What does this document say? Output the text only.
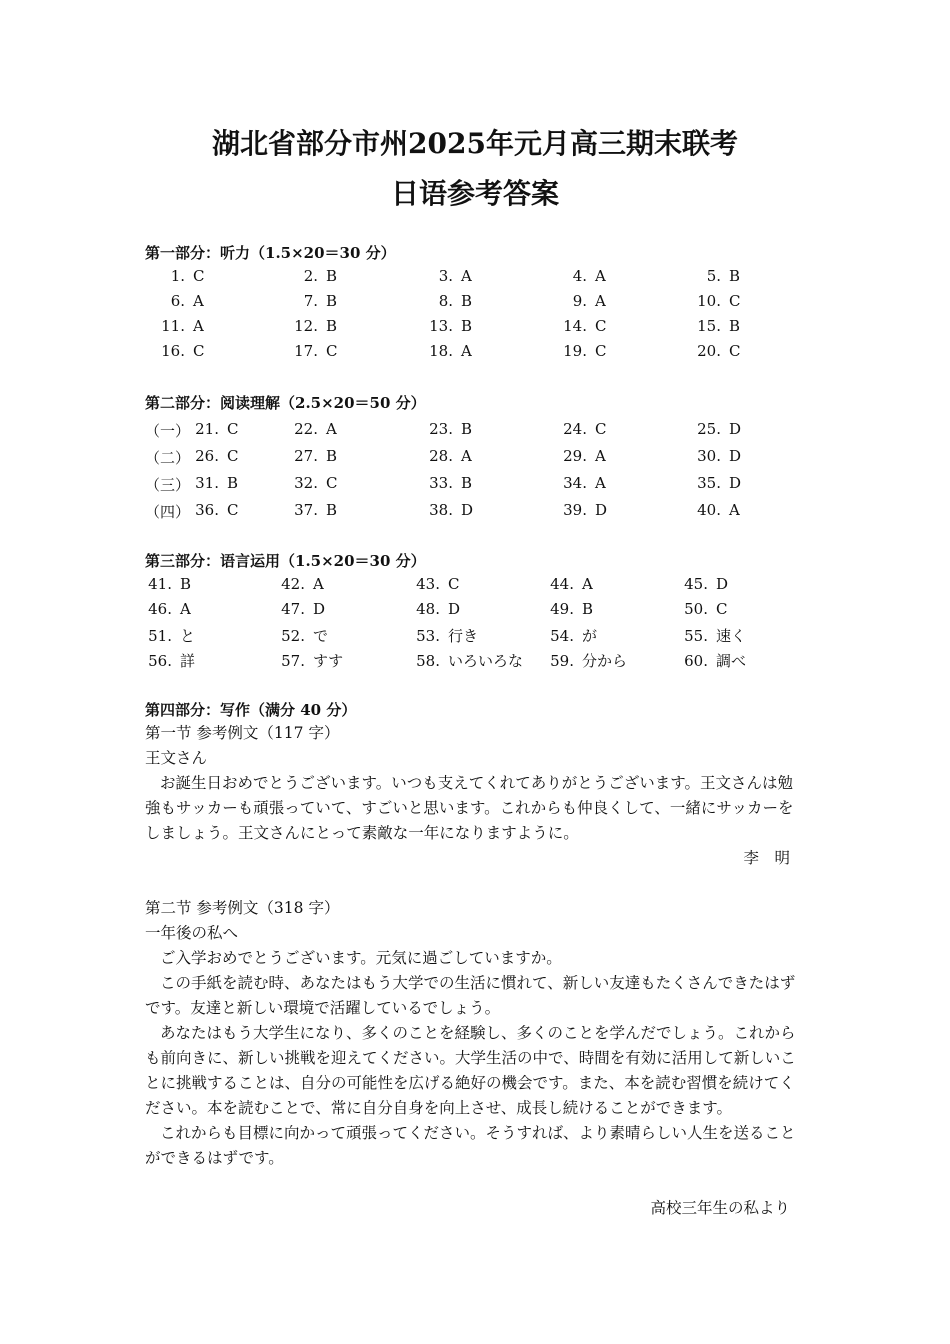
湖北省部分市州2025年元月高三期末联考
日语参考答案
第一部分：听力（1.5×20＝30 分）
1. C	2. B	3. A	4. A	5. B
6. A	7. B	8. B	9. A	10. C
11. A	12. B	13. B	14. C	15. B
16. C	17. C	18. A	19. C	20. C
第二部分：阅读理解（2.5×20＝50 分）
（一） 21. C	22. A	23. B	24. C	25. D
（二） 26. C	27. B	28. A	29. A	30. D
（三） 31. B	32. C	33. B	34. A	35. D
（四） 36. C	37. B	38. D	39. D	40. A
第三部分：语言运用（1.5×20＝30 分）
41. B	42. A	43. C	44. A	45. D
46. A	47. D	48. D	49. B	50. C
51. と	52. で	53. 行き	54. が	55. 速く
56. 詳	57. すす	58. いろいろな 59. 分から	60. 調べ
第四部分：写作（满分 40 分）
第一节 参考例文（117 字）
王文さん

お誕生日おめでとうございます。いつも支えてくれてありがとうございます。王文さんは勉強もサッカーも頑張っていて、すごいと思います。これからも仲良くして、一緒にサッカーをしましょう。王文さんにとって素敵な一年になりますように。

李　明
第二节 参考例文（318 字）
一年後の私へ

ご入学おめでとうございます。元気に過ごしていますか。

この手紙を読む時、あなたはもう大学での生活に慣れて、新しい友達もたくさんできたはずです。友達と新しい環境で活躍しているでしょう。

あなたはもう大学生になり、多くのことを経験し、多くのことを学んだでしょう。これからも前向きに、新しい挑戦を迎えてください。大学生活の中で、時間を有効に活用して新しいことに挑戦することは、自分の可能性を広げる絶好の機会です。また、本を読む習慣を続けてください。本を読むことで、常に自分自身を向上させ、成長し続けることができます。

これからも目標に向かって頑張ってください。そうすれば、より素晴らしい人生を送ることができるはずです。

高校三年生の私より
